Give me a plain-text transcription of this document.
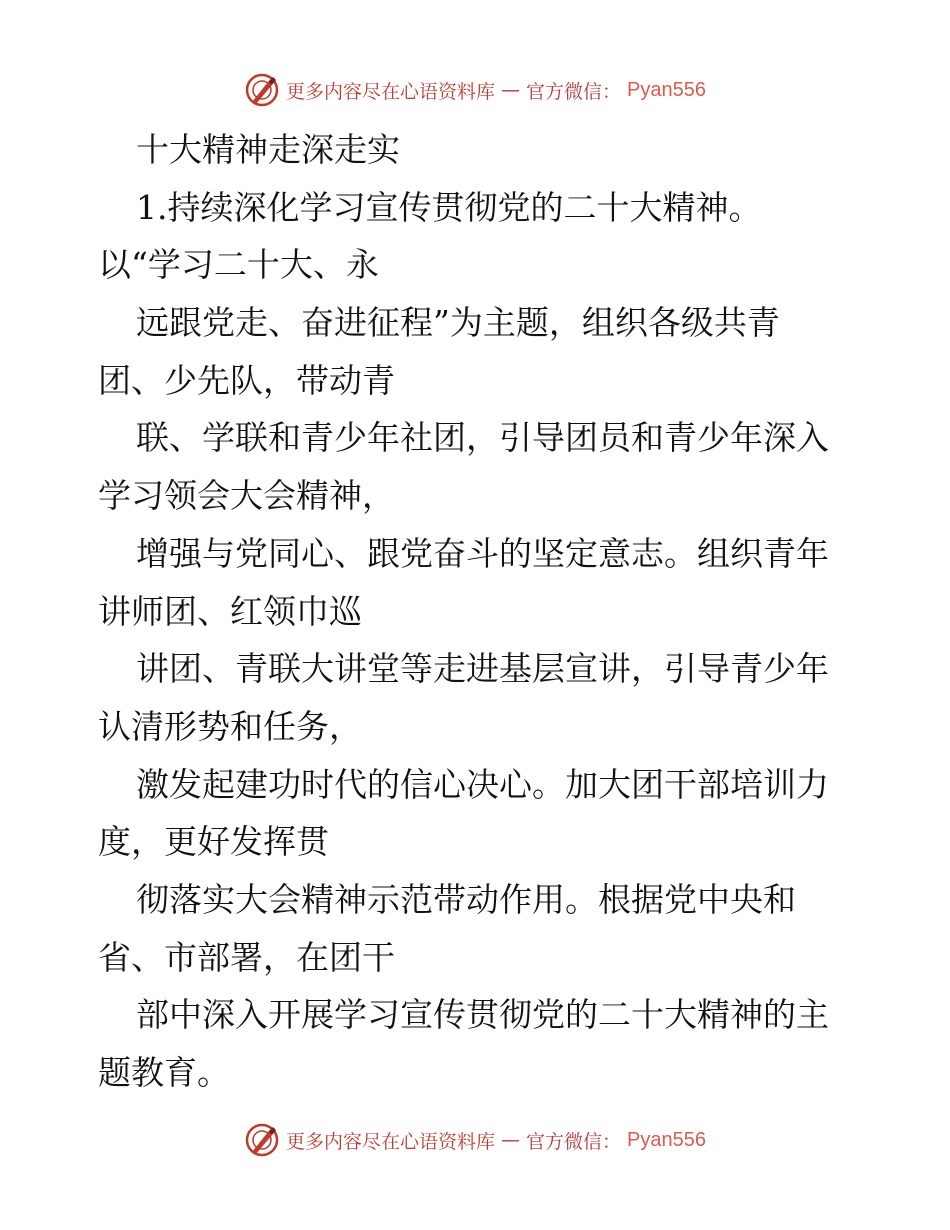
更多内容尽在心语资料库 — 官方微信： Pyan556
十大精神走深走实
1.持续深化学习宣传贯彻党的二十大精神。
以“学习二十大、永
远跟党走、奋进征程”为主题，组织各级共青
团、少先队，带动青
联、学联和青少年社团，引导团员和青少年深入
学习领会大会精神，
增强与党同心、跟党奋斗的坚定意志。组织青年
讲师团、红领巾巡
讲团、青联大讲堂等走进基层宣讲，引导青少年
认清形势和任务，
激发起建功时代的信心决心。加大团干部培训力
度，更好发挥贯
彻落实大会精神示范带动作用。根据党中央和
省、市部署，在团干
部中深入开展学习宣传贯彻党的二十大精神的主
题教育。
更多内容尽在心语资料库 — 官方微信： Pyan556
